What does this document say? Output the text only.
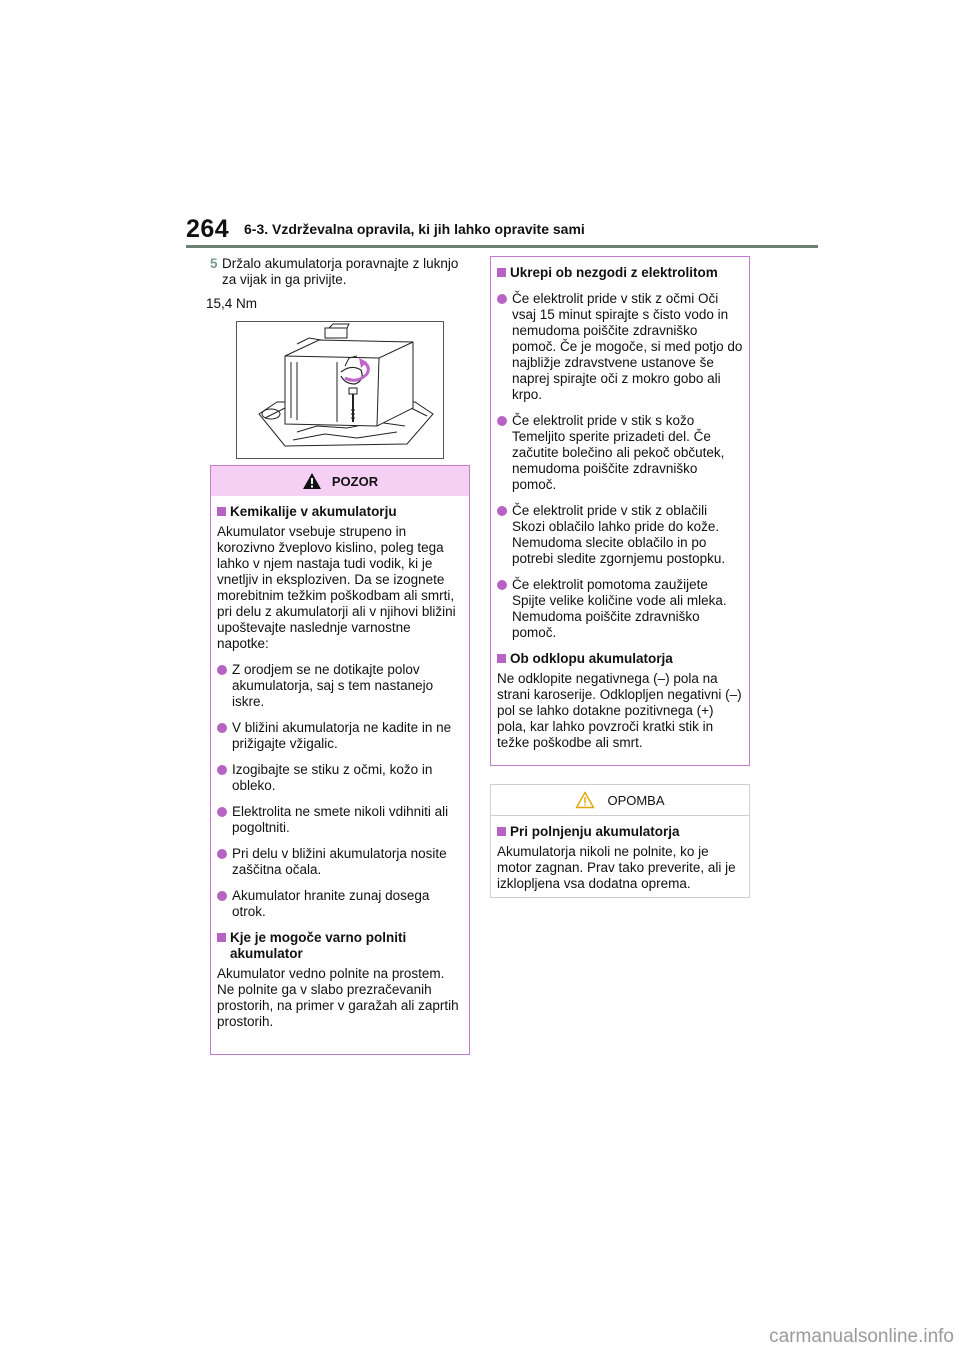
264 6-3. Vzdrževalna opravila, ki jih lahko opravite sami
5 Držalo akumulatorja poravnajte z luknjo za vijak in ga privijte.
15,4 Nm
POZOR
Kemikalije v akumulatorju
Akumulator vsebuje strupeno in korozivno žveplovo kislino, poleg tega lahko v njem nastaja tudi vodik, ki je vnetljiv in eksploziven. Da se izognete morebitnim težkim poškodbam ali smrti, pri delu z akumulatorji ali v njihovi bližini upoštevajte naslednje varnostne napotke:
Z orodjem se ne dotikajte polov akumulatorja, saj s tem nastanejo iskre.
V bližini akumulatorja ne kadite in ne prižigajte vžigalic.
Izogibajte se stiku z očmi, kožo in obleko.
Elektrolita ne smete nikoli vdihniti ali pogoltniti.
Pri delu v bližini akumulatorja nosite zaščitna očala.
Akumulator hranite zunaj dosega otrok.
Kje je mogoče varno polniti akumulator
Akumulator vedno polnite na prostem. Ne polnite ga v slabo prezračevanih prostorih, na primer v garažah ali zaprtih prostorih.
Ukrepi ob nezgodi z elektrolitom
Če elektrolit pride v stik z očmi Oči vsaj 15 minut spirajte s čisto vodo in nemudoma poiščite zdravniško pomoč. Če je mogoče, si med potjo do najbližje zdravstvene ustanove še naprej spirajte oči z mokro gobo ali krpo.
Če elektrolit pride v stik s kožo Temeljito sperite prizadeti del. Če začutite bolečino ali pekoč občutek, nemudoma poiščite zdravniško pomoč.
Če elektrolit pride v stik z oblačili Skozi oblačilo lahko pride do kože. Nemudoma slecite oblačilo in po potrebi sledite zgornjemu postopku.
Če elektrolit pomotoma zaužijete Spijte velike količine vode ali mleka. Nemudoma poiščite zdravniško pomoč.
Ob odklopu akumulatorja
Ne odklopite negativnega (–) pola na strani karoserije. Odklopljen negativni (–) pol se lahko dotakne pozitivnega (+) pola, kar lahko povzroči kratki stik in težke poškodbe ali smrt.
OPOMBA
Pri polnjenju akumulatorja
Akumulatorja nikoli ne polnite, ko je motor zagnan. Prav tako preverite, ali je izklopljena vsa dodatna oprema.
carmanualsonline.info
